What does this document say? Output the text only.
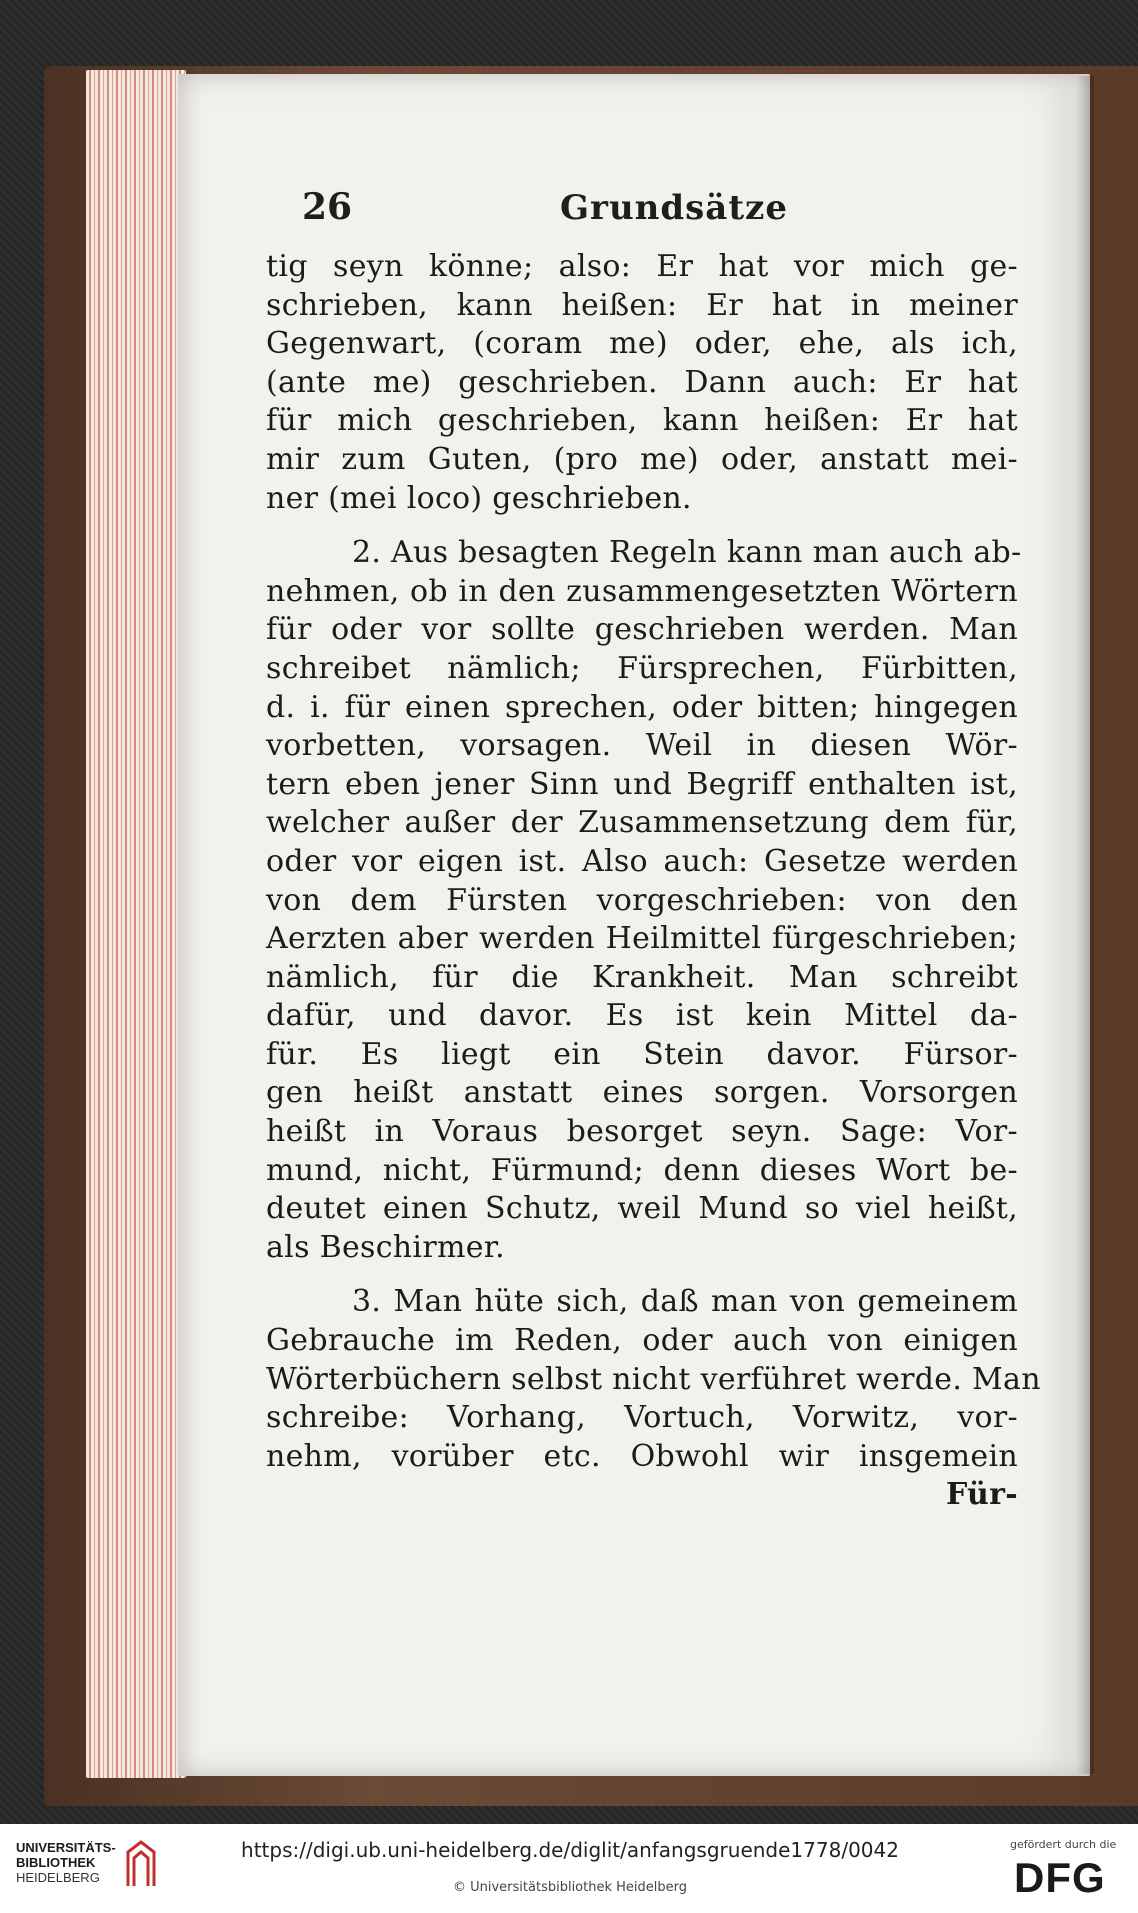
26	Grundsätze
tig seyn könne; also: Er hat vor mich ge-
schrieben, kann heißen: Er hat in meiner
Gegenwart, (coram me) oder, ehe, als ich,
(ante me) geschrieben. Dann auch: Er hat
für mich geschrieben, kann heißen: Er hat
mir zum Guten, (pro me) oder, anstatt mei-
ner (mei loco) geschrieben.
2. Aus besagten Regeln kann man auch ab-
nehmen, ob in den zusammengesetzten Wörtern
für oder vor sollte geschrieben werden. Man
schreibet nämlich; Fürsprechen, Fürbitten,
d. i. für einen sprechen, oder bitten; hingegen
vorbetten, vorsagen. Weil in diesen Wör-
tern eben jener Sinn und Begriff enthalten ist,
welcher außer der Zusammensetzung dem für,
oder vor eigen ist. Also auch: Gesetze werden
von dem Fürsten vorgeschrieben: von den
Aerzten aber werden Heilmittel fürgeschrieben;
nämlich, für die Krankheit. Man schreibt
dafür, und davor. Es ist kein Mittel da-
für. Es liegt ein Stein davor. Fürsor-
gen heißt anstatt eines sorgen. Vorsorgen
heißt in Voraus besorget seyn. Sage: Vor-
mund, nicht, Fürmund; denn dieses Wort be-
deutet einen Schutz, weil Mund so viel heißt,
als Beschirmer.
3. Man hüte sich, daß man von gemeinem
Gebrauche im Reden, oder auch von einigen
Wörterbüchern selbst nicht verführet werde. Man
schreibe: Vorhang, Vortuch, Vorwitz, vor-
nehm, vorüber etc. Obwohl wir insgemein
Für-
UNIVERSITÄTS-
BIBLIOTHEK
HEIDELBERG
https://digi.ub.uni-heidelberg.de/diglit/anfangsgruende1778/0042
© Universitätsbibliothek Heidelberg
gefördert durch die
DFG
